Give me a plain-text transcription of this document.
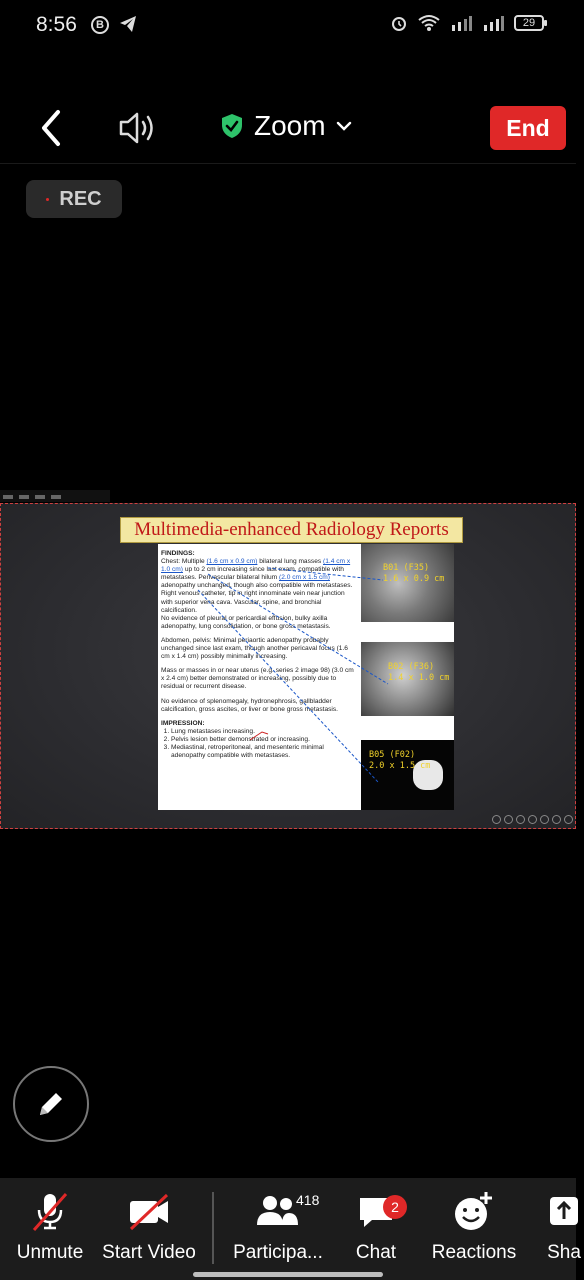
8:56	B	29
Zoom	End
REC
Multimedia-enhanced Radiology Reports

FINDINGS:
Chest: Multiple (1.6 cm x 0.9 cm) bilateral lung masses (1.4 cm x 1.0 cm) up to 2 cm increasing since last exam, compatible with metastases. Perivascular bilateral hilum (2.0 cm x 1.5 cm) adenopathy unchanged, though also compatible with metastases. Right venous catheter, tip in right innominate vein near junction with superior vena cava. Vascular, spine, and bronchial calcification.
No evidence of pleural or pericardial effusion, bulky axilla adenopathy, lung consolidation, or bone gross metastasis.

Abdomen, pelvis: Minimal periaortic adenopathy probably unchanged since last exam, though another pericaval focus (1.6 cm x 1.4 cm) possibly minimally increasing.

Mass or masses in or near uterus (e.g. series 2 image 98) (3.0 cm x 2.4 cm) better demonstrated or increasing, possibly due to residual or recurrent disease.

No evidence of splenomegaly, hydronephrosis, gallbladder calcification, gross ascites, or liver or bone gross metastasis.

IMPRESSION:
1. Lung metastases increasing.
2. Pelvis lesion better demonstrated or increasing.
3. Mediastinal, retroperitoneal, and mesenteric minimal adenopathy compatible with metastases.
B01 (F35)
1.6 x 0.9 cm
B02 (F36)
1.4 x 1.0 cm
B05 (F02)
2.0 x 1.5 cm
Unmute Start Video Participa...
418
Chat
2
Reactions Sha
